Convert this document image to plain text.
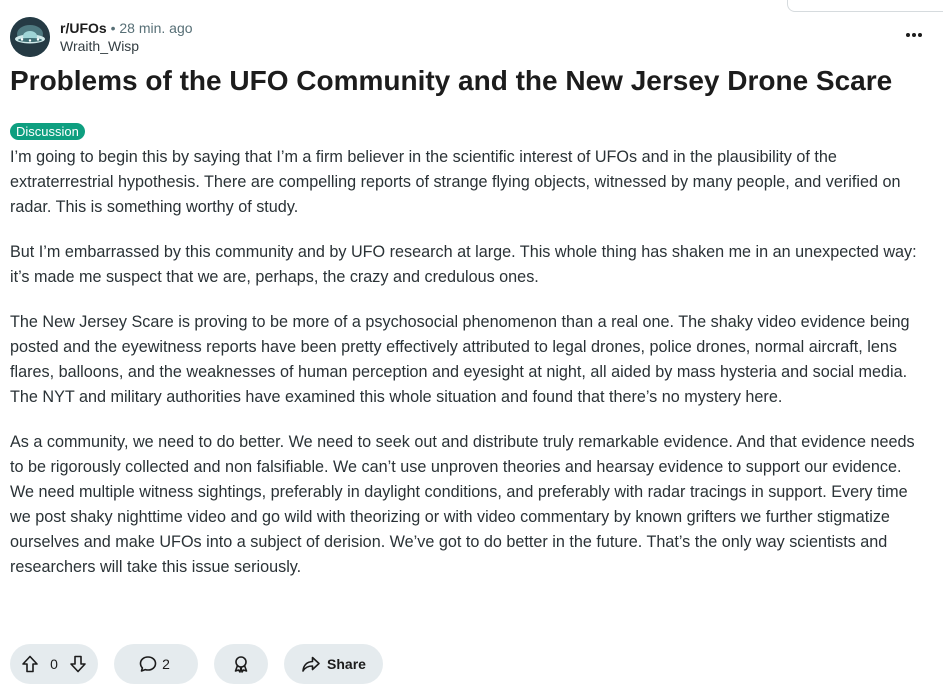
r/UFOs • 28 min. ago
Wraith_Wisp
Problems of the UFO Community and the New Jersey Drone Scare
Discussion

I’m going to begin this by saying that I’m a firm believer in the scientific interest of UFOs and in the plausibility of the extraterrestrial hypothesis. There are compelling reports of strange flying objects, witnessed by many people, and verified on radar. This is something worthy of study.

But I’m embarrassed by this community and by UFO research at large. This whole thing has shaken me in an unexpected way: it’s made me suspect that we are, perhaps, the crazy and credulous ones.

The New Jersey Scare is proving to be more of a psychosocial phenomenon than a real one. The shaky video evidence being posted and the eyewitness reports have been pretty effectively attributed to legal drones, police drones, normal aircraft, lens flares, balloons, and the weaknesses of human perception and eyesight at night, all aided by mass hysteria and social media. The NYT and military authorities have examined this whole situation and found that there’s no mystery here.

As a community, we need to do better. We need to seek out and distribute truly remarkable evidence. And that evidence needs to be rigorously collected and non falsifiable. We can’t use unproven theories and hearsay evidence to support our evidence. We need multiple witness sightings, preferably in daylight conditions, and preferably with radar tracings in support. Every time we post shaky nighttime video and go wild with theorizing or with video commentary by known grifters we further stigmatize ourselves and make UFOs into a subject of derision. We’ve got to do better in the future. That’s the only way scientists and researchers will take this issue seriously.

0	2	Share
